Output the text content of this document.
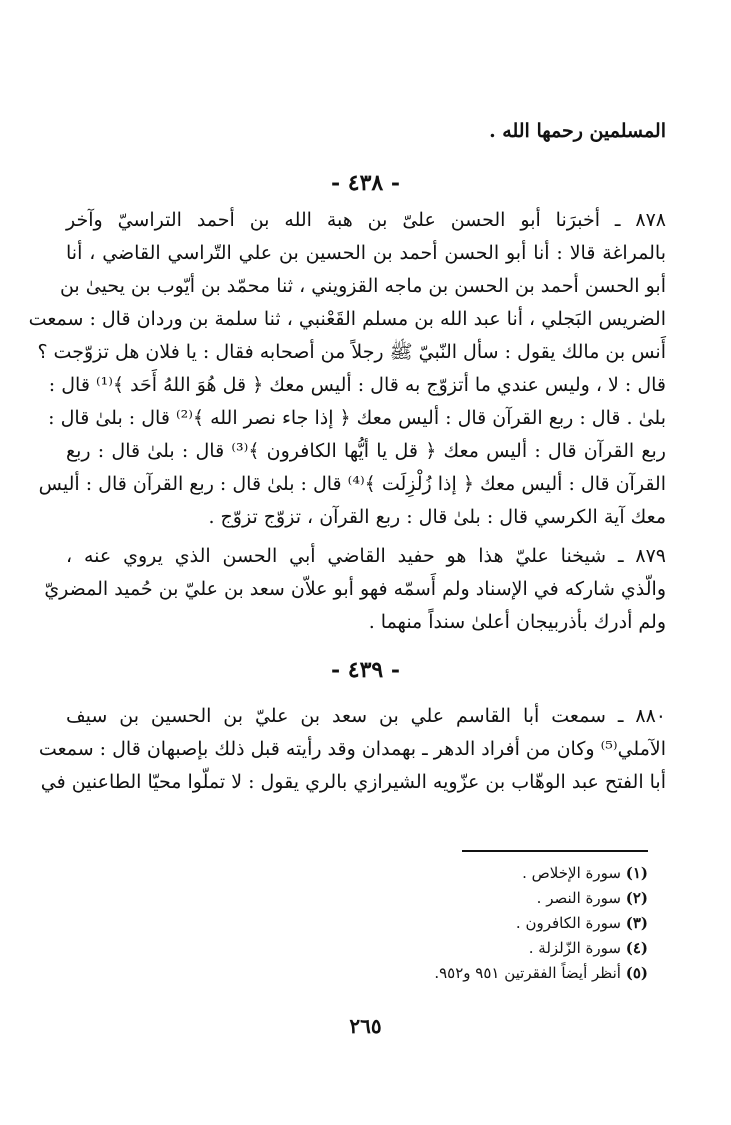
المسلمين رحمها الله .
- ٤٣٨ -
٨٧٨ ـ أخبرَنا أبو الحسن علىّ بن هبة الله بن أحمد التراسيّ وآخر
بالمراغة قالا : أنا أبو الحسن أحمد بن الحسين بن علي التّراسي القاضي ، أنا
أبو الحسن أحمد بن الحسن بن ماجه القزويني ، ثنا محمّد بن أيّوب بن يحيىٰ بن
الضريس البَجلي ، أنا عبد الله بن مسلم القَعْنبي ، ثنا سلمة بن وردان قال : سمعت
أَنس بن مالك يقول : سأل النّبيّ ﷺ رجلاً من أصحابه فقال : يا فلان هل تزوّجت ؟
قال : لا ، وليس عندي ما أتزوّج به قال : أليس معك ﴿ قل هُوَ اللهُ أَحَد ﴾⁽¹⁾ قال :
بلىٰ . قال : ربع القرآن قال : أليس معك ﴿ إذا جاء نصر الله ﴾⁽²⁾ قال : بلىٰ قال :
ربع القرآن قال : أليس معك ﴿ قل يا أيُّها الكافرون ﴾⁽³⁾ قال : بلىٰ قال : ربع
القرآن قال : أليس معك ﴿ إذا زُلْزِلَت ﴾⁽⁴⁾ قال : بلىٰ قال : ربع القرآن قال : أليس
معك آية الكرسي قال : بلىٰ قال : ربع القرآن ، تزوّج تزوّج .
٨٧٩ ـ شيخنا عليّ هذا هو حفيد القاضي أبي الحسن الذي يروي عنه ،
والّذي شاركه في الإسناد ولم أَسمّه فهو أبو علاّن سعد بن عليّ بن حُميد المضريّ
ولم أدرك بأذربيجان أعلىٰ سنداً منهما .
- ٤٣٩ -
٨٨٠ ـ سمعت أبا القاسم علي بن سعد بن عليّ بن الحسين بن سيف
الآملي⁽⁵⁾ وكان من أفراد الدهر ـ بهمدان وقد رأيته قبل ذلك بإصبهان قال : سمعت
أبا الفتح عبد الوهّاب بن عزّويه الشيرازي بالري يقول : لا تملّوا محيّا الطاعنين في
(١) سورة الإخلاص .
(٢) سورة النصر .
(٣) سورة الكافرون .
(٤) سورة الزّلزلة .
(٥) أنظر أيضاً الفقرتين ٩٥١ و٩٥٢.
٢٦٥
